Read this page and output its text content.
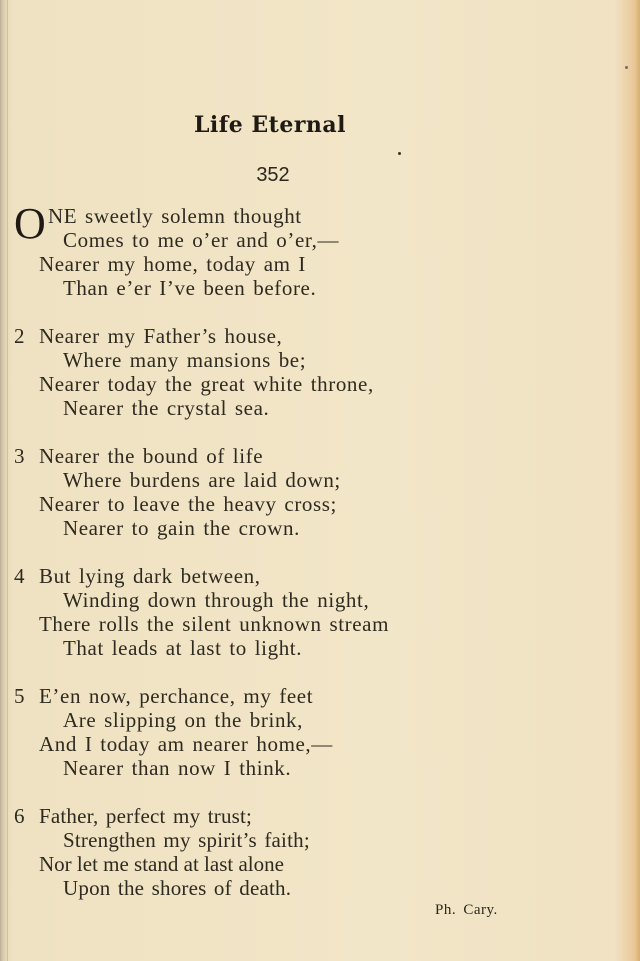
Life Eternal
352
O NE sweetly solemn thought
Comes to me o’er and o’er,—
Nearer my home, today am I
Than e’er I’ve been before.
2 Nearer my Father’s house,
Where many mansions be;
Nearer today the great white throne,
Nearer the crystal sea.
3 Nearer the bound of life
Where burdens are laid down;
Nearer to leave the heavy cross;
Nearer to gain the crown.
4 But lying dark between,
Winding down through the night,
There rolls the silent unknown stream
That leads at last to light.
5 E’en now, perchance, my feet
Are slipping on the brink,
And I today am nearer home,—
Nearer than now I think.
6 Father, perfect my trust;
Strengthen my spirit’s faith;
Nor let me stand at last alone
Upon the shores of death.
Ph. Cary.
